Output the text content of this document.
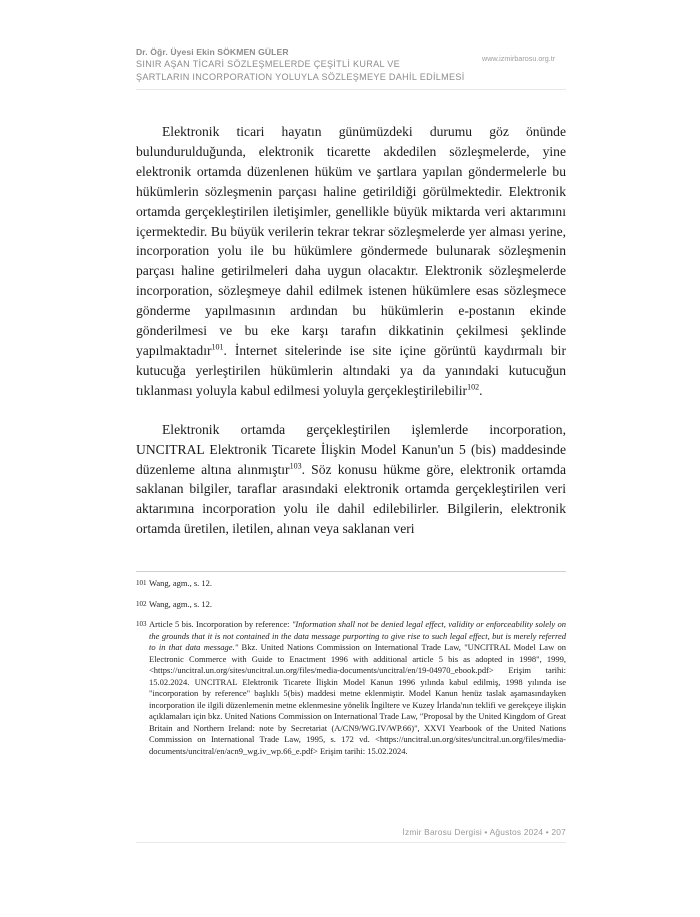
Dr. Öğr. Üyesi Ekin SÖKMEN GÜLER

SINIR AŞAN TİCARİ SÖZLEŞMELERDE ÇEŞİTLİ KURAL VE
ŞARTLARIN INCORPORATION YOLUYLA SÖZLEŞMEYE DAHİL EDİLMESİ

www.izmirbarosu.org.tr

Elektronik ticari hayatın günümüzdeki durumu göz önünde bulundurulduğunda, elektronik ticarette akdedilen sözleşmelerde, yine elektronik ortamda düzenlenen hüküm ve şartlara yapılan göndermelerle bu hükümlerin sözleşmenin parçası haline getirildiği görülmektedir. Elektronik ortamda gerçekleştirilen iletişimler, genellikle büyük miktarda veri aktarımını içermektedir. Bu büyük verilerin tekrar tekrar sözleşmelerde yer alması yerine, incorporation yolu ile bu hükümlere göndermede bulunarak sözleşmenin parçası haline getirilmeleri daha uygun olacaktır. Elektronik sözleşmelerde incorporation, sözleşmeye dahil edilmek istenen hükümlere esas sözleşmece gönderme yapılmasının ardından bu hükümlerin e-postanın ekinde gönderilmesi ve bu eke karşı tarafın dikkatinin çekilmesi şeklinde yapılmaktadır$^{101}$. İnternet sitelerinde ise site içine görüntü kaydırmalı bir kutucuğa yerleştirilen hükümlerin altındaki ya da yanındaki kutucuğun tıklanması yoluyla kabul edilmesi yoluyla gerçekleştirilebilir$^{102}$.

Elektronik ortamda gerçekleştirilen işlemlerde incorporation, UNCITRAL Elektronik Ticarete İlişkin Model Kanun'un 5 (bis) maddesinde düzenleme altına alınmıştır$^{103}$. Söz konusu hükme göre, elektronik ortamda saklanan bilgiler, taraflar arasındaki elektronik ortamda gerçekleştirilen veri aktarımına incorporation yolu ile dahil edilebilirler. Bilgilerin, elektronik ortamda üretilen, iletilen, alınan veya saklanan veri

101 Wang, agm., s. 12.
102 Wang, agm., s. 12.
103 Article 5 bis. Incorporation by reference: "Information shall not be denied legal effect, validity or enforceability solely on the grounds that it is not contained in the data message purporting to give rise to such legal effect, but is merely referred to in that data message." Bkz. United Nations Commission on International Trade Law, "UNCITRAL Model Law on Electronic Commerce with Guide to Enactment 1996 with additional article 5 bis as adopted in 1998", 1999, <https://uncitral.un.org/sites/uncitral.un.org/files/media-documents/uncitral/en/19-04970_ebook.pdf> Erişim tarihi: 15.02.2024. UNCITRAL Elektronik Ticarete İlişkin Model Kanun 1996 yılında kabul edilmiş, 1998 yılında ise "incorporation by reference" başlıklı 5(bis) maddesi metne eklenmiştir. Model Kanun henüz taslak aşamasındayken incorporation ile ilgili düzenlemenin metne eklenmesine yönelik İngiltere ve Kuzey İrlanda'nın teklifi ve gerekçeye ilişkin açıklamaları için bkz. United Nations Commission on International Trade Law, "Proposal by the United Kingdom of Great Britain and Northern Ireland: note by Secretariat (A/CN9/WG.IV/WP.66)", XXVI Yearbook of the United Nations Commission on International Trade Law, 1995, s. 172 vd. <https://uncitral.un.org/sites/uncitral.un.org/files/media-documents/uncitral/en/acn9_wg.iv_wp.66_e.pdf> Erişim tarihi: 15.02.2024.
İzmir Barosu Dergisi • Ağustos 2024 • 207
